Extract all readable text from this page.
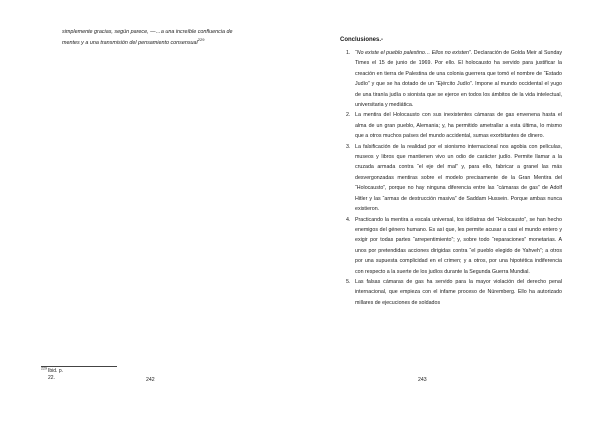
simplemente gracias, según parece, —…a una increíble confluencia de
mentes y a una transmisión del pensamiento consensual$^{229}$
$^{229}$Ibid. p.
22.	242
Conclusiones.-
1. “No existe el pueblo palestino… Ellos no existen”. Declaración de Golda Meir al Sunday Times el 15 de junio de 1969. Por ello. El holocausto ha servido para justificar la creación en tierra de Palestina de una colonia guerrera que tomó el nombre de “Estado Judío” y que se ha dotado de un “Ejército Judío”. Impone al mundo occidental el yugo de una tiranía judía o sionista que se ejerce en todos los ámbitos de la vida intelectual, universitaria y mediática.
2. La mentira del Holocausto con sus inexistentes cámaras de gas envenena hasta el alma de un gran pueblo, Alemania; y, ha permitido ametrallar a esta última, lo mismo que a otros muchos países del mundo accidental, sumas exorbitantes de dinero.
3. La falsificación de la realidad por el sionismo internacional nos agobia con películas, museos y libros que mantienen vivo un odio de carácter judío. Permite llamar a la cruzada armada contra “el eje del mal” y, para ello, fabricar a granel las más desvergonzadas mentiras sobre el modelo precisamente de la Gran Mentira del “Holocausto”, porque no hay ninguna diferencia entre las “cámaras de gas” de Adolf Hitler y las “armas de destrucción masiva” de Saddam Hussein. Porque ambas nunca existieron.
4. Practicando la mentira a escala universal, los idólatras del “Holocausto”, se han hecho enemigos del género humano. Es así que, les permite acusar a casi el mundo entero y exigir por todas partes “arrepentimiento”; y, sobre todo “reparaciones” monetarias. A unos por pretendidas acciones dirigidas contra “el pueblo elegido de Yahveh”; a otros por una supuesta complicidad en el crimen; y a otros, por una hipotética indiferencia con respecto a la suerte de los judíos durante la Segunda Guerra Mundial.
5. Las falsas cámaras de gas ha servido para la mayor violación del derecho penal internacional, que empieza con el infame proceso de Núremberg. Ello ha autorizado millares de ejecuciones de soldados
243
